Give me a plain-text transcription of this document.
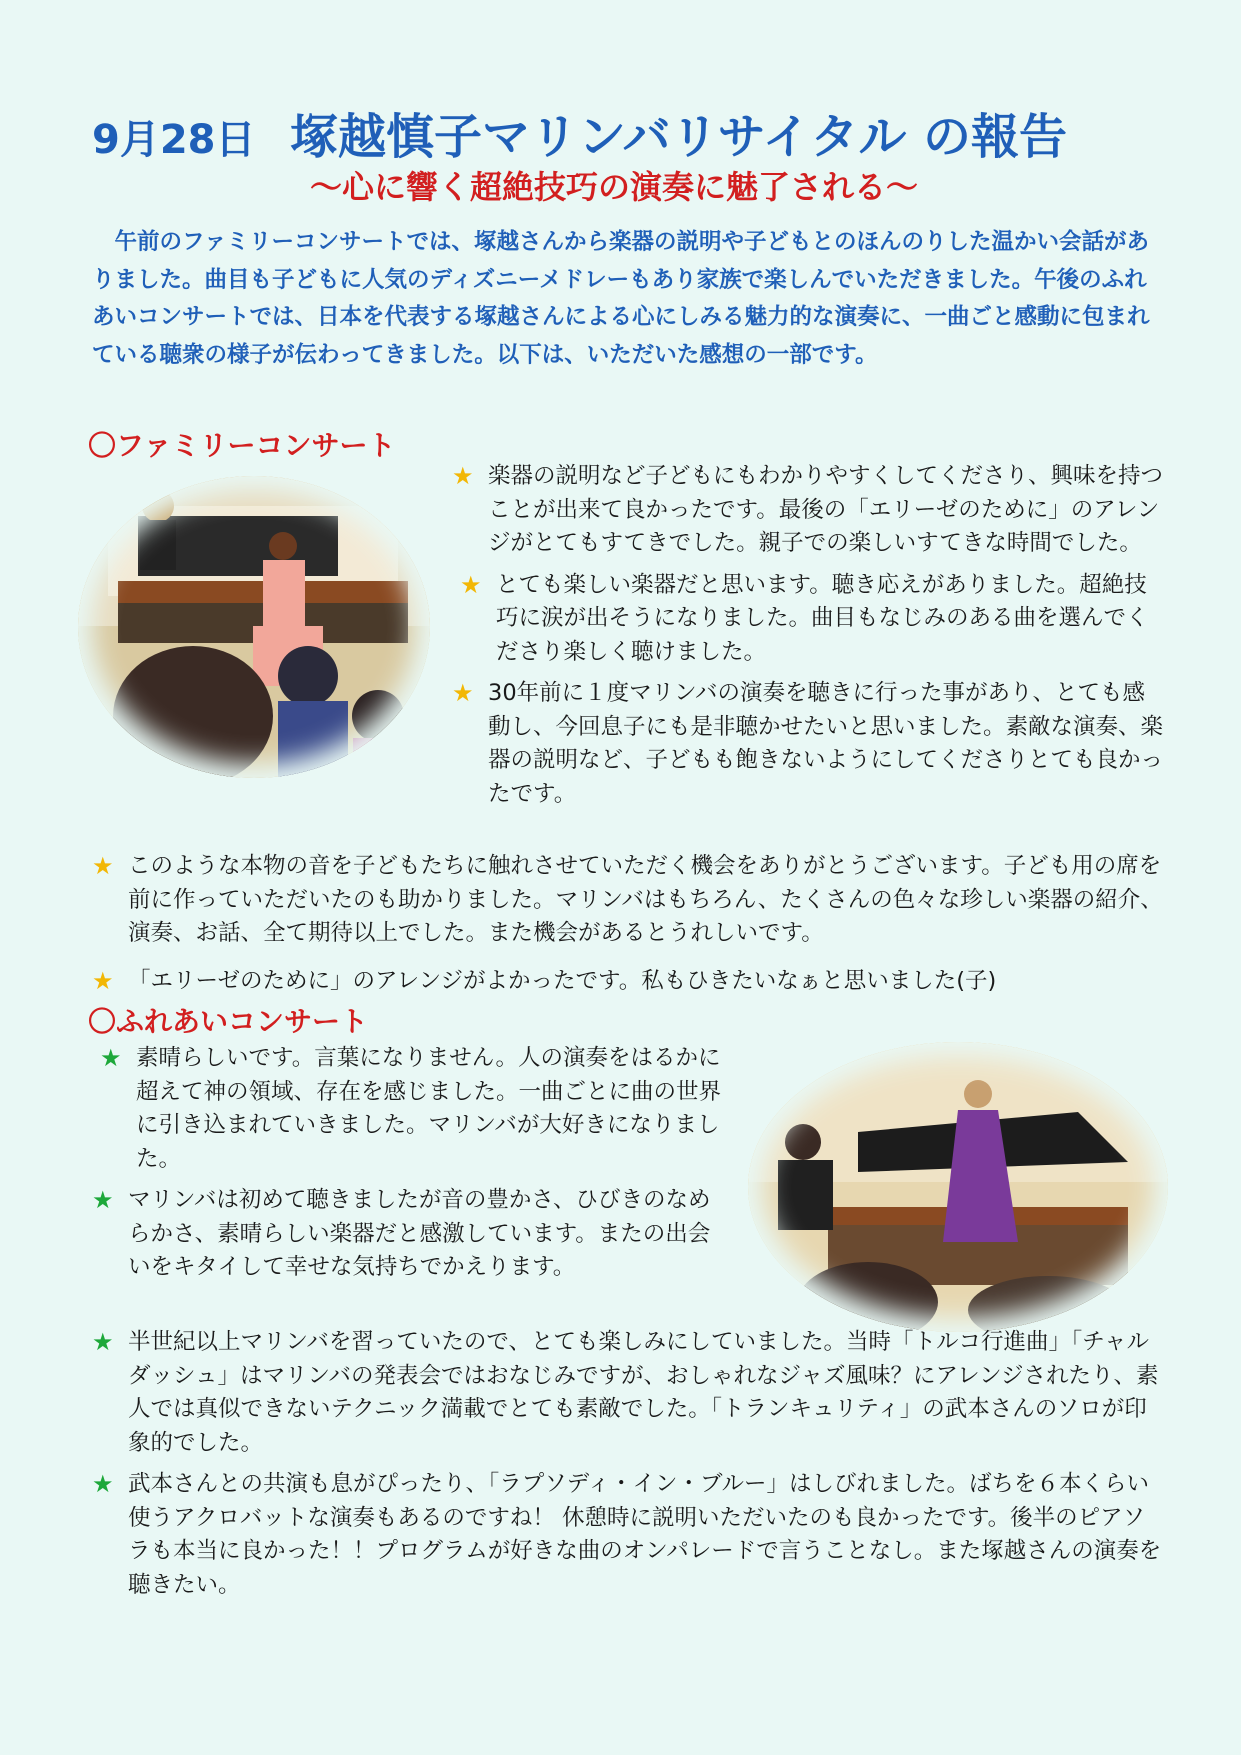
9月28日 塚越慎子マリンバリサイタル の報告
～心に響く超絶技巧の演奏に魅了される～
　午前のファミリーコンサートでは、塚越さんから楽器の説明や子どもとのほんのりした温かい会話がありました。曲目も子どもに人気のディズニーメドレーもあり家族で楽しんでいただきました。午後のふれあいコンサートでは、日本を代表する塚越さんによる心にしみる魅力的な演奏に、一曲ごと感動に包まれている聴衆の様子が伝わってきました。以下は、いただいた感想の一部です。
〇ファミリーコンサート
★ 楽器の説明など子どもにもわかりやすくしてくださり、興味を持つことが出来て良かったです。最後の「エリーゼのために」のアレンジがとてもすてきでした。親子での楽しいすてきな時間でした。
★ とても楽しい楽器だと思います。聴き応えがありました。超絶技巧に涙が出そうになりました。曲目もなじみのある曲を選んでくださり楽しく聴けました。
★ 30年前に１度マリンバの演奏を聴きに行った事があり、とても感動し、今回息子にも是非聴かせたいと思いました。素敵な演奏、楽器の説明など、子どもも飽きないようにしてくださりとても良かったです。
★ このような本物の音を子どもたちに触れさせていただく機会をありがとうございます。子ども用の席を前に作っていただいたのも助かりました。マリンバはもちろん、たくさんの色々な珍しい楽器の紹介、演奏、お話、全て期待以上でした。また機会があるとうれしいです。
★ 「エリーゼのために」のアレンジがよかったです。私もひきたいなぁと思いました(子)
〇ふれあいコンサート
★ 素晴らしいです。言葉になりません。人の演奏をはるかに超えて神の領域、存在を感じました。一曲ごとに曲の世界に引き込まれていきました。マリンバが大好きになりました。
★ マリンバは初めて聴きましたが音の豊かさ、ひびきのなめらかさ、素晴らしい楽器だと感激しています。またの出会いをキタイして幸せな気持ちでかえります。
★ 半世紀以上マリンバを習っていたので、とても楽しみにしていました。当時「トルコ行進曲」「チャルダッシュ」はマリンバの発表会ではおなじみですが、おしゃれなジャズ風味？にアレンジされたり、素人では真似できないテクニック満載でとても素敵でした。「トランキュリティ」の武本さんのソロが印象的でした。
★ 武本さんとの共演も息がぴったり、「ラプソディ・イン・ブルー」はしびれました。ばちを６本くらい使うアクロバットな演奏もあるのですね！ 休憩時に説明いただいたのも良かったです。後半のピアソラも本当に良かった！！プログラムが好きな曲のオンパレードで言うことなし。また塚越さんの演奏を聴きたい。
